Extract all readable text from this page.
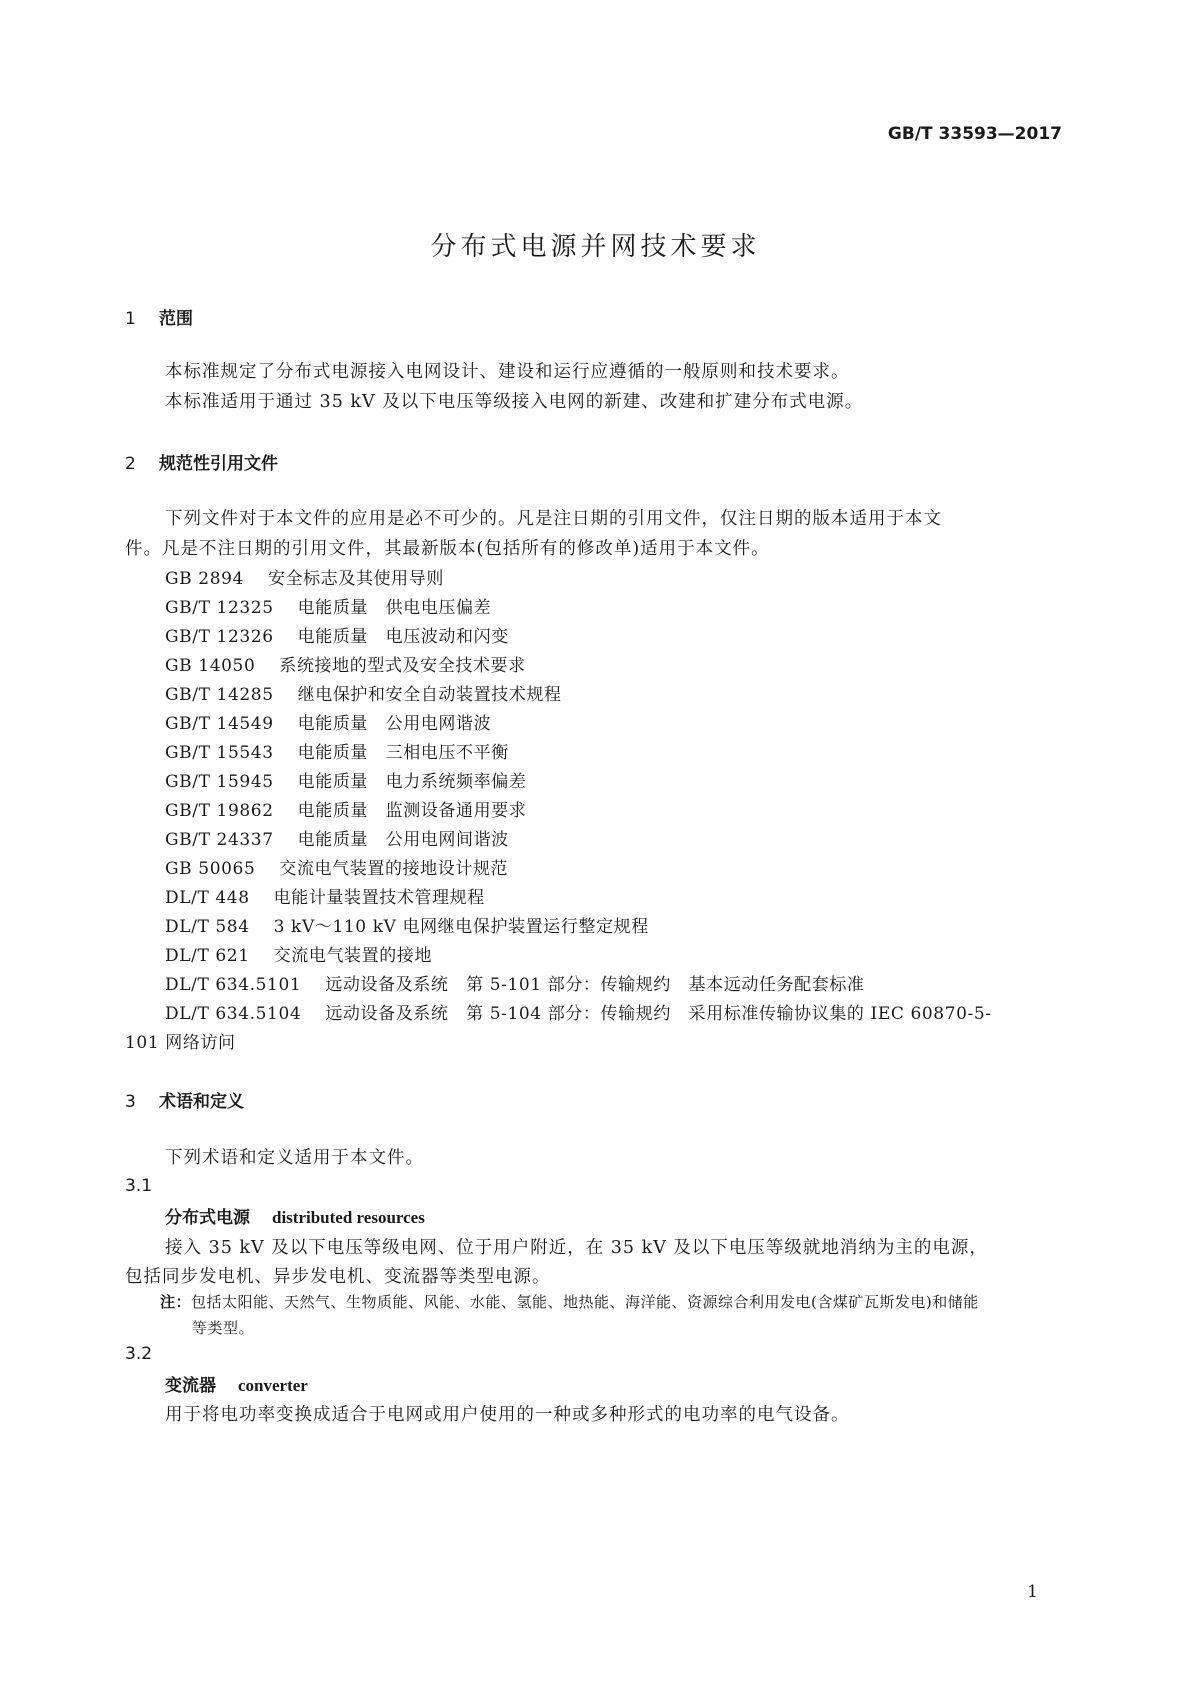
GB/T 33593—2017
分布式电源并网技术要求
1 范围
本标准规定了分布式电源接入电网设计、建设和运行应遵循的一般原则和技术要求。
本标准适用于通过 35 kV 及以下电压等级接入电网的新建、改建和扩建分布式电源。
2 规范性引用文件
下列文件对于本文件的应用是必不可少的。凡是注日期的引用文件，仅注日期的版本适用于本文
件。凡是不注日期的引用文件，其最新版本(包括所有的修改单)适用于本文件。
GB 2894 安全标志及其使用导则
GB/T 12325 电能质量　供电电压偏差
GB/T 12326 电能质量　电压波动和闪变
GB 14050 系统接地的型式及安全技术要求
GB/T 14285 继电保护和安全自动装置技术规程
GB/T 14549 电能质量　公用电网谐波
GB/T 15543 电能质量　三相电压不平衡
GB/T 15945 电能质量　电力系统频率偏差
GB/T 19862 电能质量　监测设备通用要求
GB/T 24337 电能质量　公用电网间谐波
GB 50065 交流电气装置的接地设计规范
DL/T 448 电能计量装置技术管理规程
DL/T 584 3 kV～110 kV 电网继电保护装置运行整定规程
DL/T 621 交流电气装置的接地
DL/T 634.5101 远动设备及系统　第 5-101 部分：传输规约　基本远动任务配套标准
DL/T 634.5104 远动设备及系统　第 5-104 部分：传输规约　采用标准传输协议集的 IEC 60870-5-
101 网络访问
3 术语和定义
下列术语和定义适用于本文件。
3.1
分布式电源 distributed resources
接入 35 kV 及以下电压等级电网、位于用户附近，在 35 kV 及以下电压等级就地消纳为主的电源，
包括同步发电机、异步发电机、变流器等类型电源。
注：包括太阳能、天然气、生物质能、风能、水能、氢能、地热能、海洋能、资源综合利用发电(含煤矿瓦斯发电)和储能
等类型。
3.2
变流器 converter
用于将电功率变换成适合于电网或用户使用的一种或多种形式的电功率的电气设备。
1
